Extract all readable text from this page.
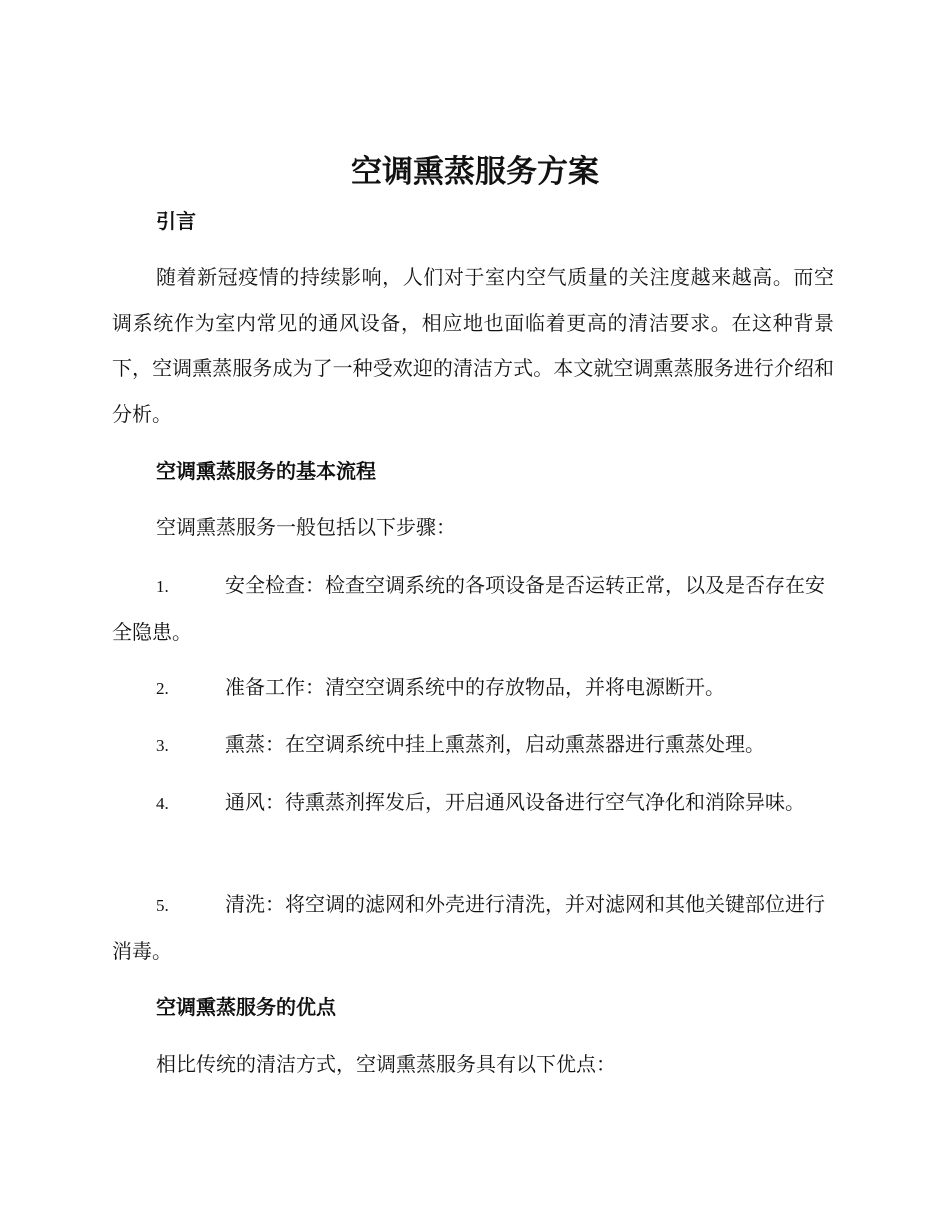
空调熏蒸服务方案
引言

随着新冠疫情的持续影响，人们对于室内空气质量的关注度越来越高。而空调系统作为室内常见的通风设备，相应地也面临着更高的清洁要求。在这种背景下，空调熏蒸服务成为了一种受欢迎的清洁方式。本文就空调熏蒸服务进行介绍和分析。

空调熏蒸服务的基本流程

空调熏蒸服务一般包括以下步骤：

1.	安全检查：检查空调系统的各项设备是否运转正常，以及是否存在安全隐患。

2.	准备工作：清空空调系统中的存放物品，并将电源断开。

3.	熏蒸：在空调系统中挂上熏蒸剂，启动熏蒸器进行熏蒸处理。

4.	通风：待熏蒸剂挥发后，开启通风设备进行空气净化和消除异味。

5.	清洗：将空调的滤网和外壳进行清洗，并对滤网和其他关键部位进行消毒。

空调熏蒸服务的优点

相比传统的清洁方式，空调熏蒸服务具有以下优点：
